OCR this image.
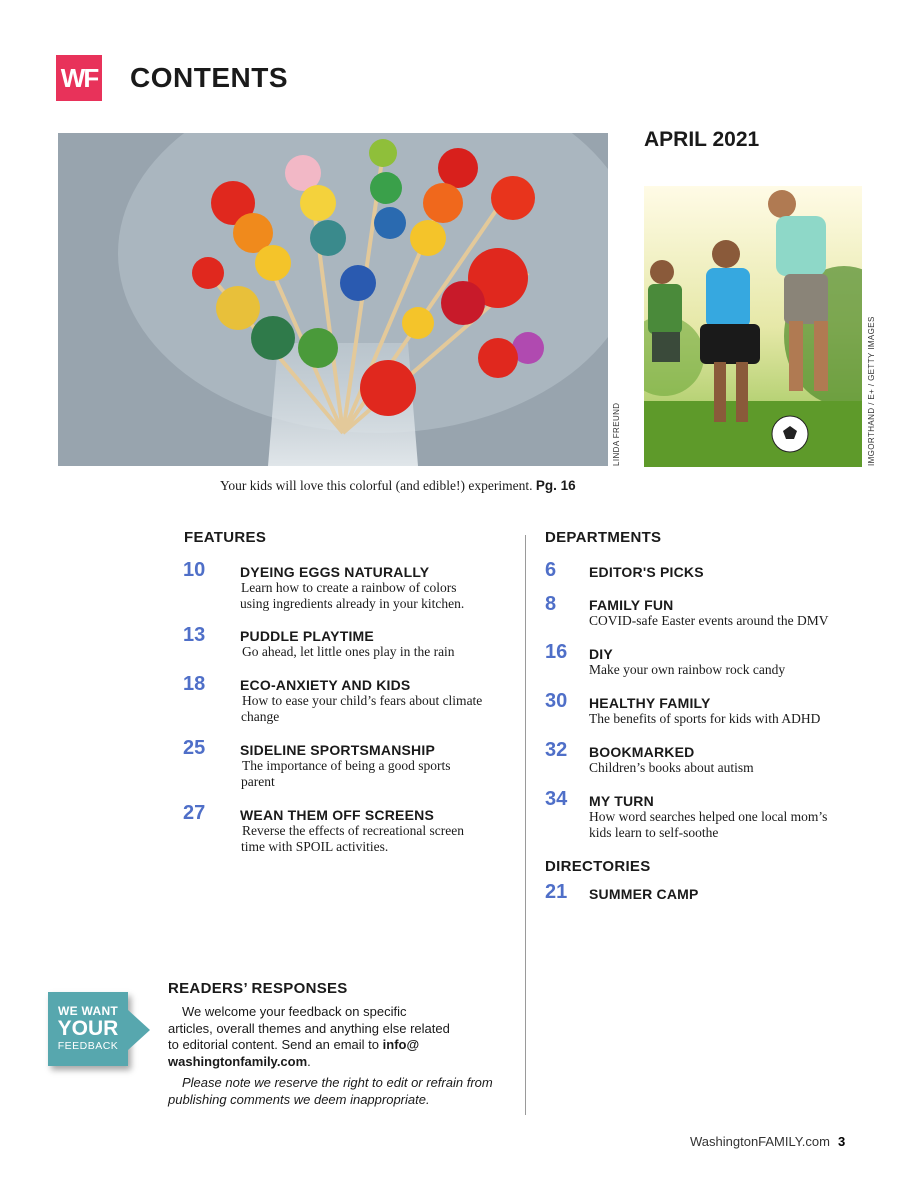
WF CONTENTS
LINDA FREUND
APRIL 2021
IMGORTHAND / E+ / GETTY IMAGES
Your kids will love this colorful (and edible!) experiment. Pg. 16
FEATURES
10 DYEING EGGS NATURALLY
Learn how to create a rainbow of colors
using ingredients already in your kitchen.
13 PUDDLE PLAYTIME
Go ahead, let little ones play in the rain
18 ECO-ANXIETY AND KIDS
How to ease your child’s fears about climate
change
25 SIDELINE SPORTSMANSHIP
The importance of being a good sports
parent
27 WEAN THEM OFF SCREENS
Reverse the effects of recreational screen
time with SPOIL activities.
DEPARTMENTS
6 EDITOR'S PICKS
8 FAMILY FUN
COVID-safe Easter events around the DMV
16 DIY
Make your own rainbow rock candy
30 HEALTHY FAMILY
The benefits of sports for kids with ADHD
32 BOOKMARKED
Children’s books about autism
34 MY TURN
How word searches helped one local mom’s
kids learn to self-soothe
DIRECTORIES
21 SUMMER CAMP
WE WANT
YOUR
FEEDBACK
READERS’ RESPONSES
We welcome your feedback on specific
articles, overall themes and anything else related
to editorial content. Send an email to info@ washingtonfamily.com.
Please note we reserve the right to edit or refrain from
publishing comments we deem inappropriate.
WashingtonFAMILY.com 3
